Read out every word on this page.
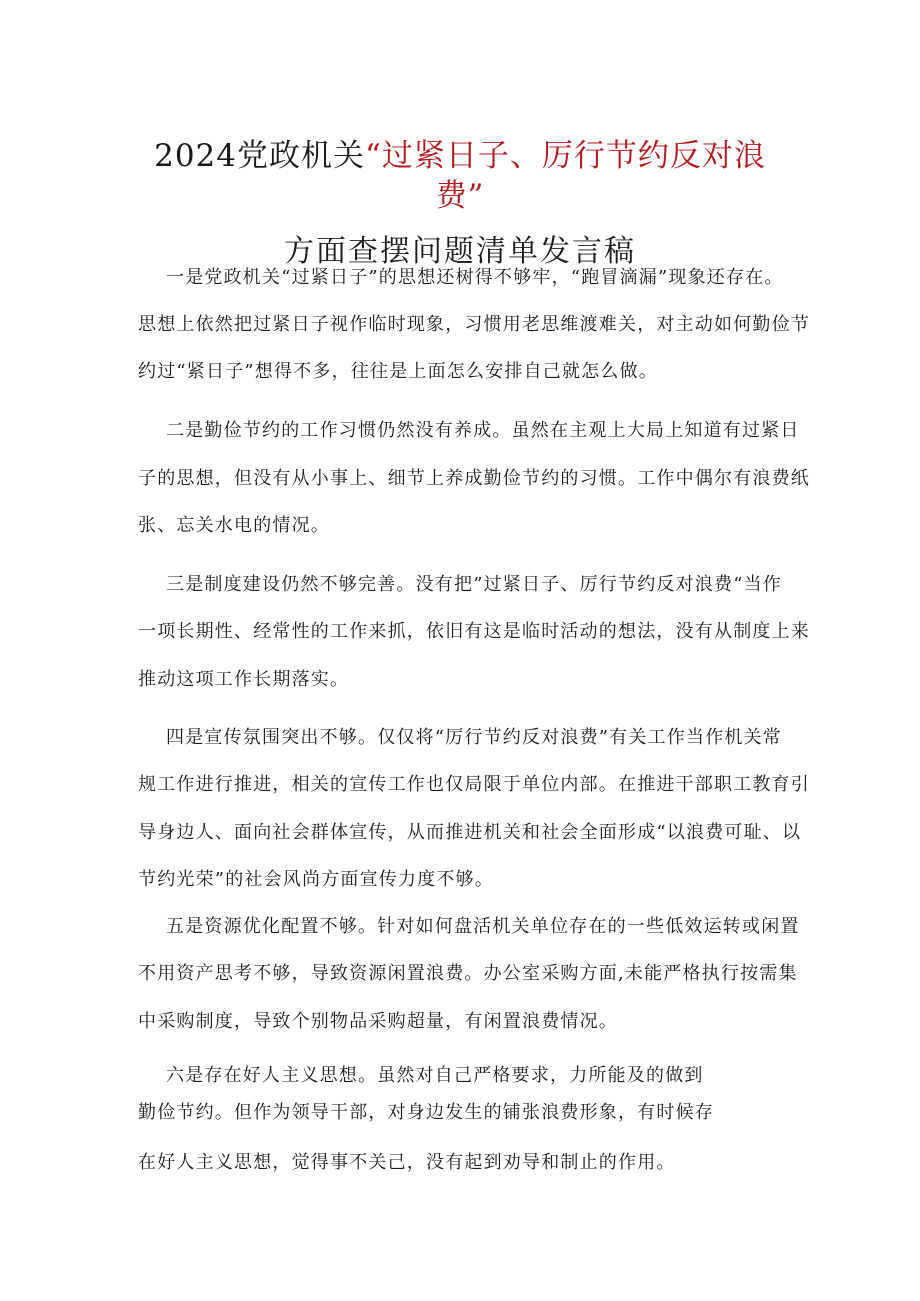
2024党政机关“过紧日子、厉行节约反对浪
费”
方面查摆问题清单发言稿
一是党政机关“过紧日子”的思想还树得不够牢，“跑冒滴漏”现象还存在。
思想上依然把过紧日子视作临时现象，习惯用老思维渡难关，对主动如何勤俭节
约过“紧日子”想得不多，往往是上面怎么安排自己就怎么做。
二是勤俭节约的工作习惯仍然没有养成。虽然在主观上大局上知道有过紧日
子的思想，但没有从小事上、细节上养成勤俭节约的习惯。工作中偶尔有浪费纸
张、忘关水电的情况。
三是制度建设仍然不够完善。没有把”过紧日子、厉行节约反对浪费“当作
一项长期性、经常性的工作来抓，依旧有这是临时活动的想法，没有从制度上来
推动这项工作长期落实。
四是宣传氛围突出不够。仅仅将“厉行节约反对浪费”有关工作当作机关常
规工作进行推进，相关的宣传工作也仅局限于单位内部。在推进干部职工教育引
导身边人、面向社会群体宣传，从而推进机关和社会全面形成“以浪费可耻、以
节约光荣”的社会风尚方面宣传力度不够。
五是资源优化配置不够。针对如何盘活机关单位存在的一些低效运转或闲置
不用资产思考不够，导致资源闲置浪费。办公室采购方面,未能严格执行按需集
中采购制度，导致个别物品采购超量，有闲置浪费情况。
六是存在好人主义思想。虽然对自己严格要求，力所能及的做到
勤俭节约。但作为领导干部，对身边发生的铺张浪费形象，有时候存
在好人主义思想，觉得事不关己，没有起到劝导和制止的作用。
